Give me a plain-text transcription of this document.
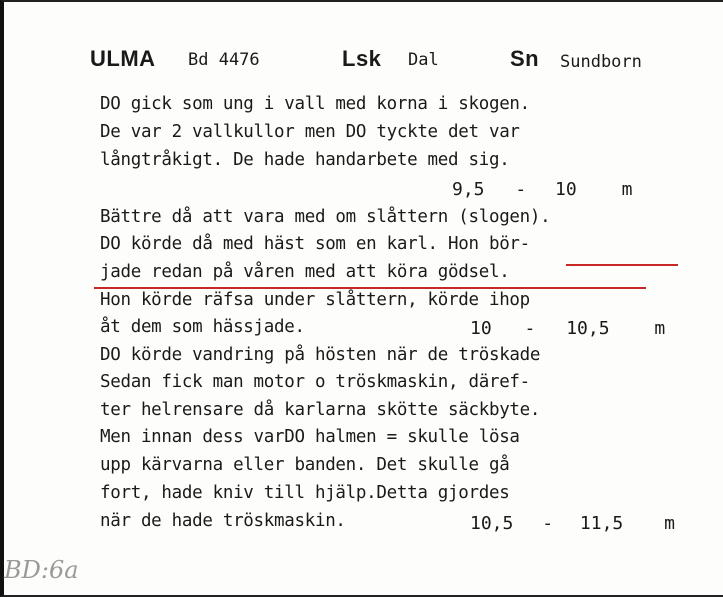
ULMA Bd 4476	Lsk Dal	Sn Sundborn
DO gick som ung i vall med korna i skogen.
De var 2 vallkullor men DO tyckte det var
långtråkigt. De hade handarbete med sig.
9,5 - 10 m
Bättre då att vara med om slåttern (slogen).
DO körde då med häst som en karl. Hon bör-
jade redan på våren med att köra gödsel.
Hon körde räfsa under slåttern, körde ihop
åt dem som hässjade.	10 - 10,5 m
DO körde vandring på hösten när de tröskade
Sedan fick man motor o tröskmaskin, däref-
ter helrensare då karlarna skötte säckbyte.
Men innan dess varDO halmen = skulle lösa
upp kärvarna eller banden. Det skulle gå
fort, hade kniv till hjälp.Detta gjordes
när de hade tröskmaskin.	10,5 - 11,5 m
BD:6a
